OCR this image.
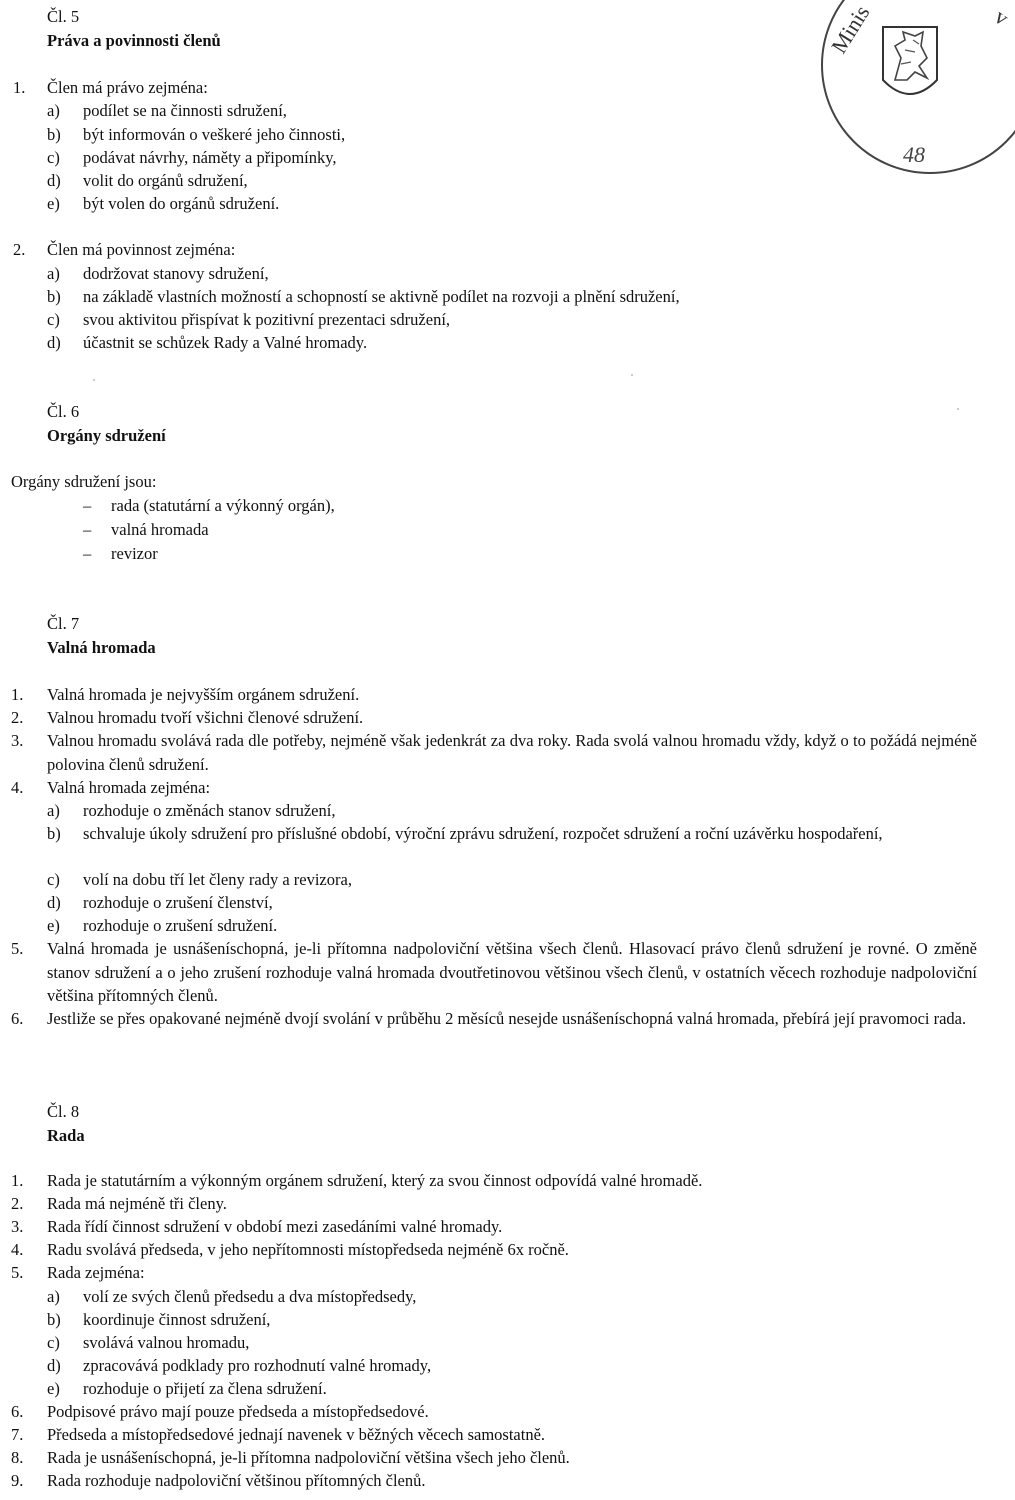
Minis	v
48
Čl. 5
Práva a povinnosti členů
1.	Člen má právo zejména:
a)	podílet se na činnosti sdružení,
b)	být informován o veškeré jeho činnosti,
c)	podávat návrhy, náměty a připomínky,
d)	volit do orgánů sdružení,
e)	být volen do orgánů sdružení.
2.	Člen má povinnost zejména:
a)	dodržovat stanovy sdružení,
b)	na základě vlastních možností a schopností se aktivně podílet na rozvoji a plnění sdružení,
c)	svou aktivitou přispívat k pozitivní prezentaci sdružení,
d)	účastnit se schůzek Rady a Valné hromady.
Čl. 6
Orgány sdružení
Orgány sdružení jsou:
–	rada (statutární a výkonný orgán),
–	valná hromada
–	revizor
Čl. 7
Valná hromada
1.	Valná hromada je nejvyšším orgánem sdružení.
2.	Valnou hromadu tvoří všichni členové sdružení.
3.	Valnou hromadu svolává rada dle potřeby, nejméně však jedenkrát za dva roky. Rada svolá valnou hromadu vždy, když o to požádá nejméně polovina členů sdružení.
4.	Valná hromada zejména:
a)	rozhoduje o změnách stanov sdružení,
b)	schvaluje úkoly sdružení pro příslušné období, výroční zprávu sdružení, rozpočet sdružení a roční uzávěrku hospodaření,
c)	volí na dobu tří let členy rady a revizora,
d)	rozhoduje o zrušení členství,
e)	rozhoduje o zrušení sdružení.
5.	Valná hromada je usnášeníschopná, je-li přítomna nadpoloviční většina všech členů. Hlasovací právo členů sdružení je rovné. O změně stanov sdružení a o jeho zrušení rozhoduje valná hromada dvoutřetinovou většinou všech členů, v ostatních věcech rozhoduje nadpoloviční většina přítomných členů.
6.	Jestliže se přes opakované nejméně dvojí svolání v průběhu 2 měsíců nesejde usnášeníschopná valná hromada, přebírá její pravomoci rada.
Čl. 8
Rada
1.	Rada je statutárním a výkonným orgánem sdružení, který za svou činnost odpovídá valné hromadě.
2.	Rada má nejméně tři členy.
3.	Rada řídí činnost sdružení v období mezi zasedáními valné hromady.
4.	Radu svolává předseda, v jeho nepřítomnosti místopředseda nejméně 6x ročně.
5.	Rada zejména:
a)	volí ze svých členů předsedu a dva místopředsedy,
b)	koordinuje činnost sdružení,
c)	svolává valnou hromadu,
d)	zpracovává podklady pro rozhodnutí valné hromady,
e)	rozhoduje o přijetí za člena sdružení.
6.	Podpisové právo mají pouze předseda a místopředsedové.
7.	Předseda a místopředsedové jednají navenek v běžných věcech samostatně.
8.	Rada je usnášeníschopná, je-li přítomna nadpoloviční většina všech jeho členů.
9.	Rada rozhoduje nadpoloviční většinou přítomných členů.
